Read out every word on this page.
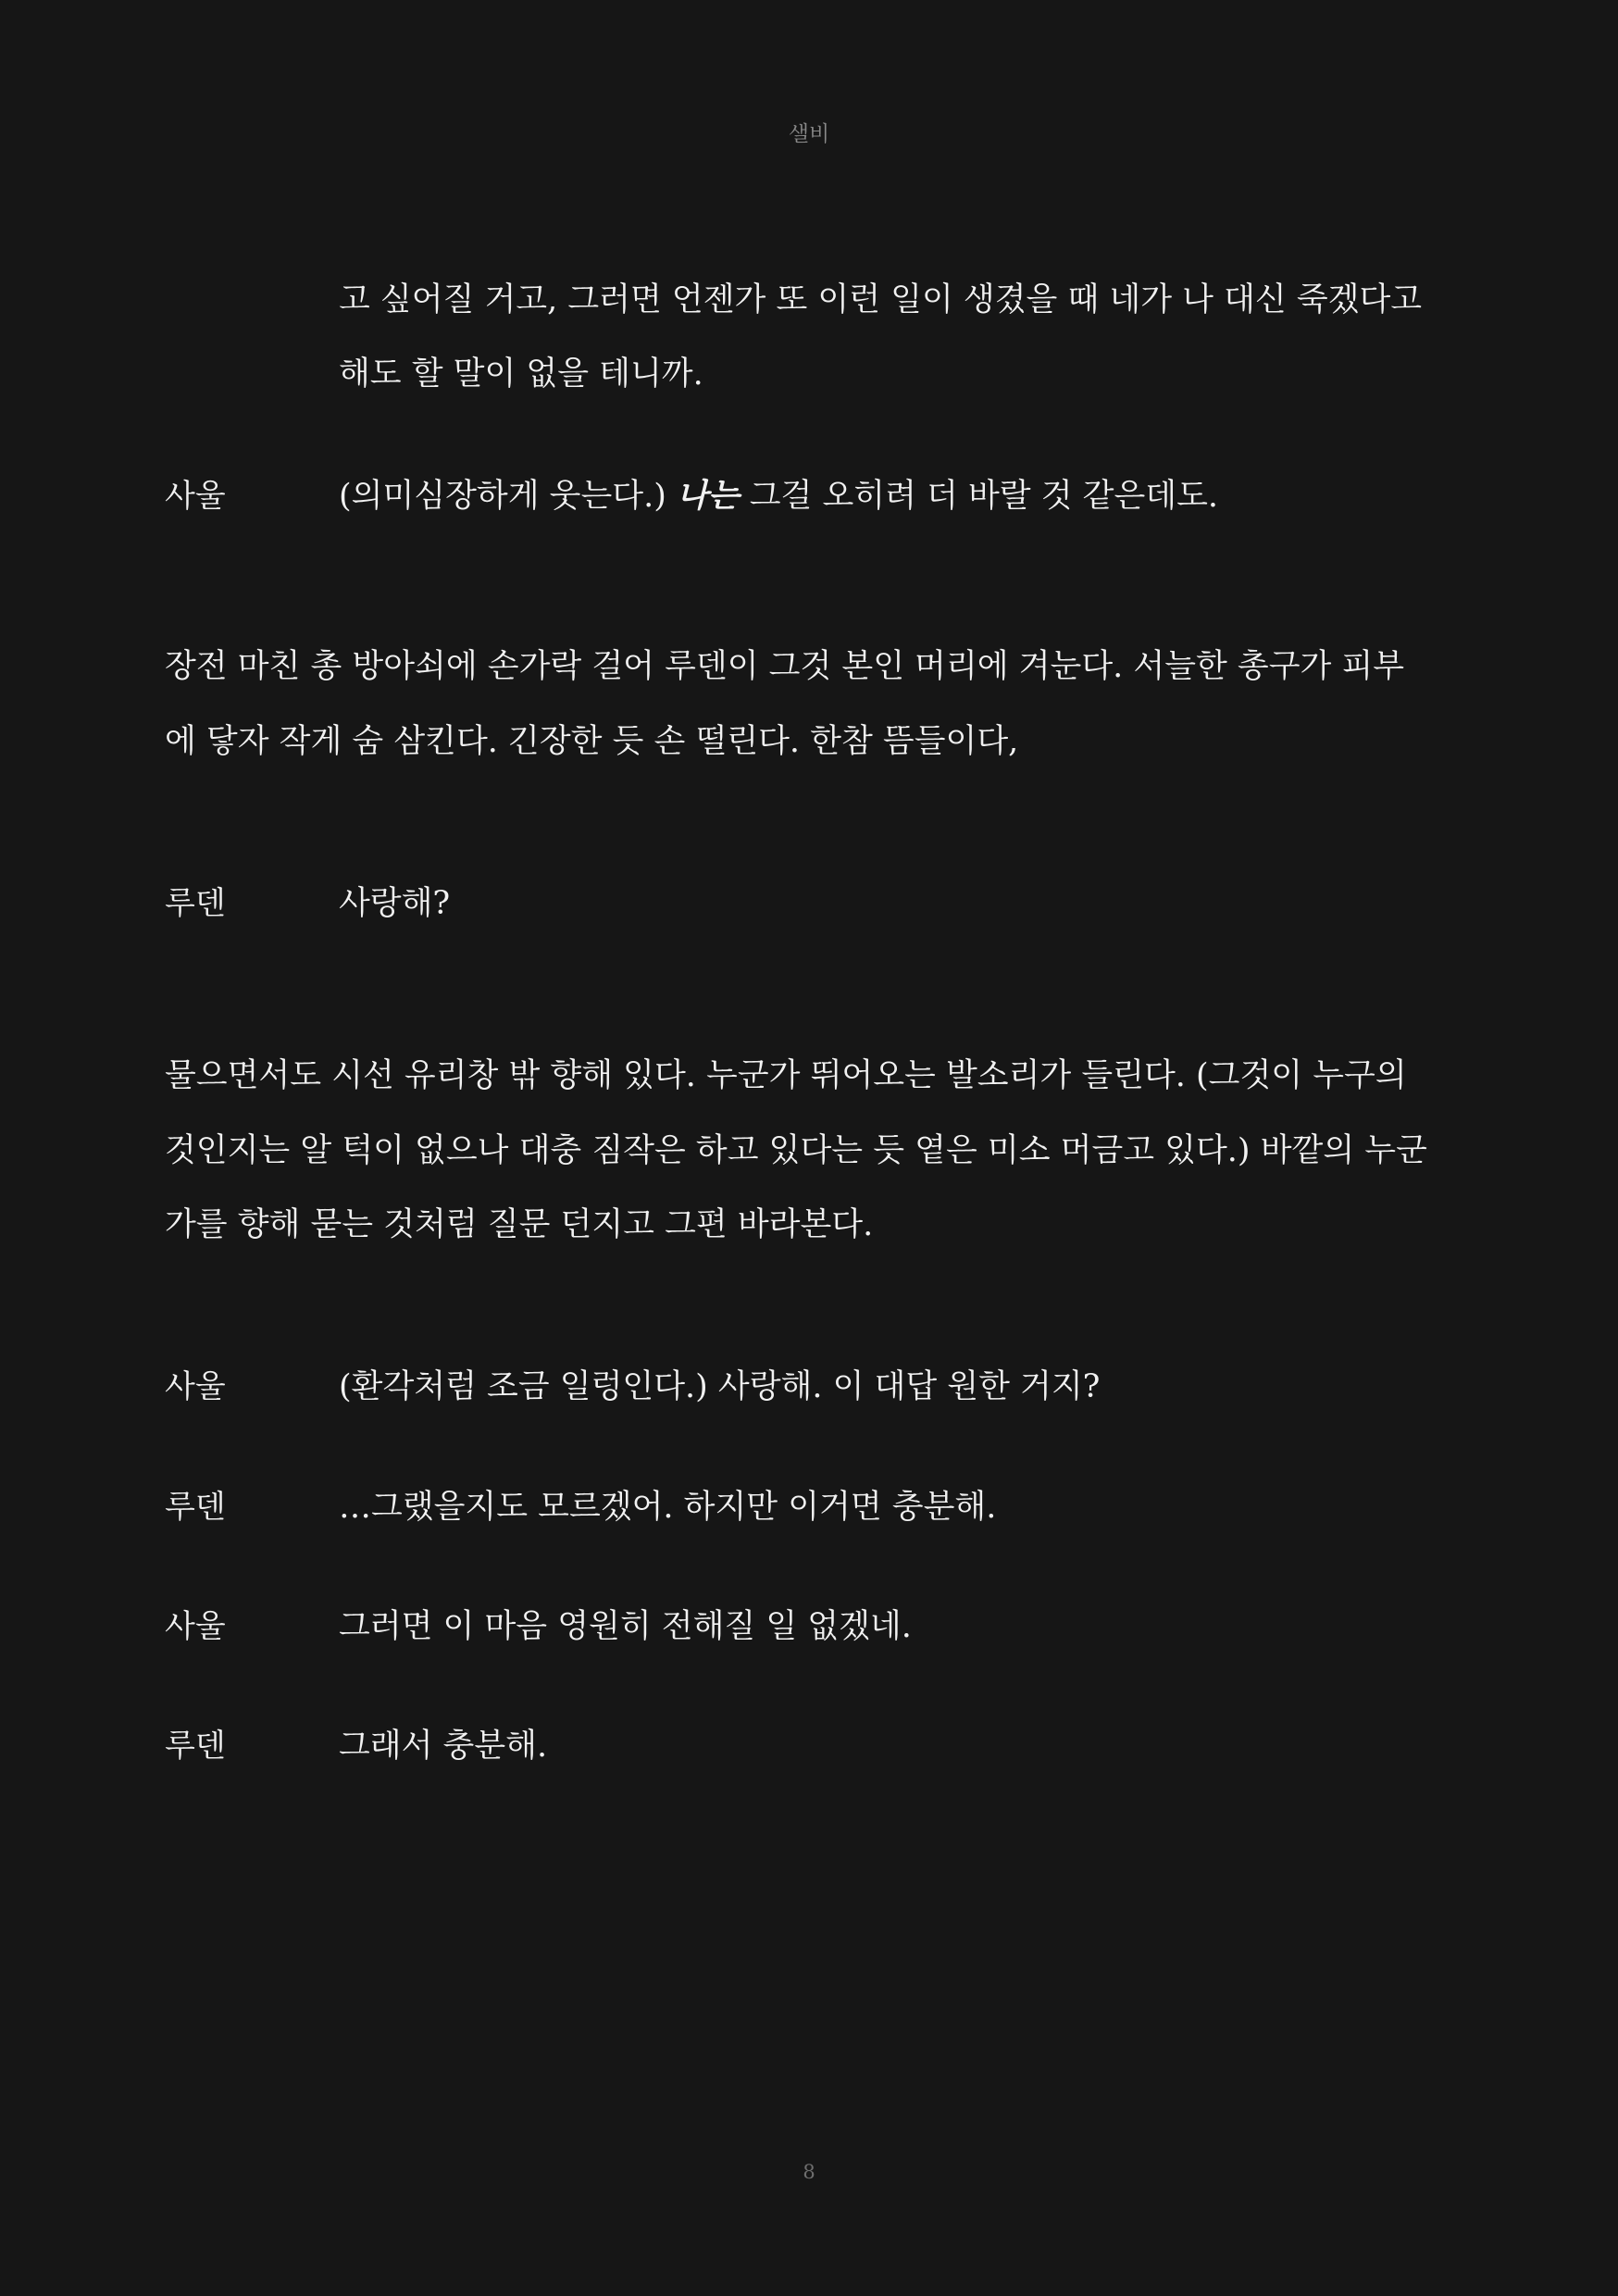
샐비
고 싶어질 거고, 그러면 언젠가 또 이런 일이 생겼을 때 네가 나 대신 죽겠다고
해도 할 말이 없을 테니까.
사울	(의미심장하게 웃는다.) 나는 그걸 오히려 더 바랄 것 같은데도.
장전 마친 총 방아쇠에 손가락 걸어 루덴이 그것 본인 머리에 겨눈다. 서늘한 총구가 피부
에 닿자 작게 숨 삼킨다. 긴장한 듯 손 떨린다. 한참 뜸들이다,
루덴	사랑해?
물으면서도 시선 유리창 밖 향해 있다. 누군가 뛰어오는 발소리가 들린다. (그것이 누구의
것인지는 알 턱이 없으나 대충 짐작은 하고 있다는 듯 옅은 미소 머금고 있다.) 바깥의 누군
가를 향해 묻는 것처럼 질문 던지고 그편 바라본다.
사울	(환각처럼 조금 일렁인다.) 사랑해. 이 대답 원한 거지?
루덴	…그랬을지도 모르겠어. 하지만 이거면 충분해.
사울	그러면 이 마음 영원히 전해질 일 없겠네.
루덴	그래서 충분해.
8
